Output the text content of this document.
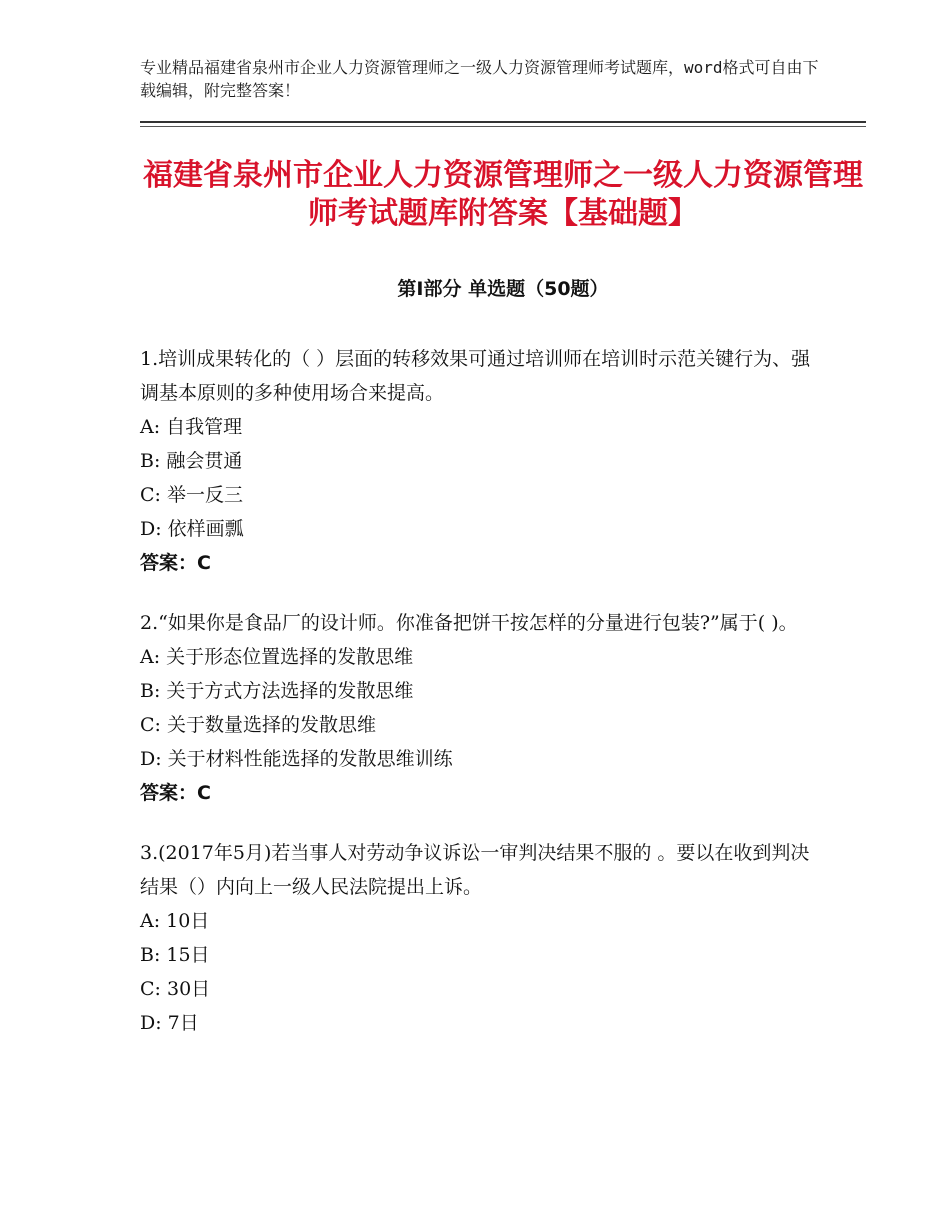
专业精品福建省泉州市企业人力资源管理师之一级人力资源管理师考试题库，word格式可自由下载编辑，附完整答案！
福建省泉州市企业人力资源管理师之一级人力资源管理师考试题库附答案【基础题】
第Ⅰ部分 单选题（50题）
1.培训成果转化的（ ）层面的转移效果可通过培训师在培训时示范关键行为、强调基本原则的多种使用场合来提高。
A: 自我管理
B: 融会贯通
C: 举一反三
D: 依样画瓢
答案：C
2.“如果你是食品厂的设计师。你准备把饼干按怎样的分量进行包装?”属于( )。
A: 关于形态位置选择的发散思维
B: 关于方式方法选择的发散思维
C: 关于数量选择的发散思维
D: 关于材料性能选择的发散思维训练
答案：C
3.(2017年5月)若当事人对劳动争议诉讼一审判决结果不服的 。要以在收到判决结果（）内向上一级人民法院提出上诉。
A: 10日
B: 15日
C: 30日
D: 7日
